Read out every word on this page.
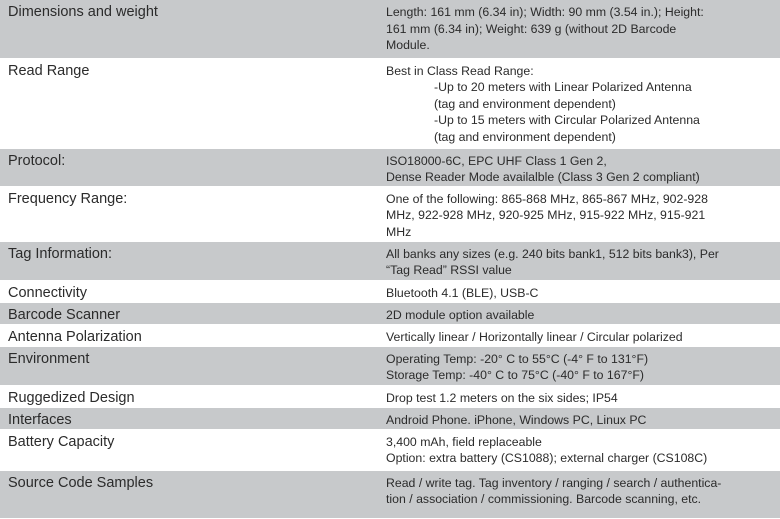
Dimensions and weight	Length: 161 mm (6.34 in); Width: 90 mm (3.54 in.); Height:
161 mm (6.34 in); Weight: 639 g (without 2D Barcode
Module.

Read Range	Best in Class Read Range:
-Up to 20 meters with Linear Polarized Antenna
(tag and environment dependent)
-Up to 15 meters with Circular Polarized Antenna
(tag and environment dependent)

Protocol:	ISO18000-6C, EPC UHF Class 1 Gen 2,
Dense Reader Mode availalble (Class 3 Gen 2 compliant)

Frequency Range:	One of the following: 865-868 MHz, 865-867 MHz, 902-928
MHz, 922-928 MHz, 920-925 MHz, 915-922 MHz, 915-921
MHz

Tag Information:	All banks any sizes (e.g. 240 bits bank1, 512 bits bank3), Per
“Tag Read” RSSI value

Connectivity	Bluetooth 4.1 (BLE), USB-C

Barcode Scanner	2D module option available

Antenna Polarization	Vertically linear / Horizontally linear / Circular polarized

Environment	Operating Temp: -20° C to 55°C (-4° F to 131°F)
Storage Temp: -40° C to 75°C (-40° F to 167°F)

Ruggedized Design	Drop test 1.2 meters on the six sides; IP54

Interfaces	Android Phone. iPhone, Windows PC, Linux PC

Battery Capacity	3,400 mAh, field replaceable
Option: extra battery (CS1088); external charger (CS108C)

Source Code Samples	Read / write tag. Tag inventory / ranging / search / authentica-
tion / association / commissioning. Barcode scanning, etc.
